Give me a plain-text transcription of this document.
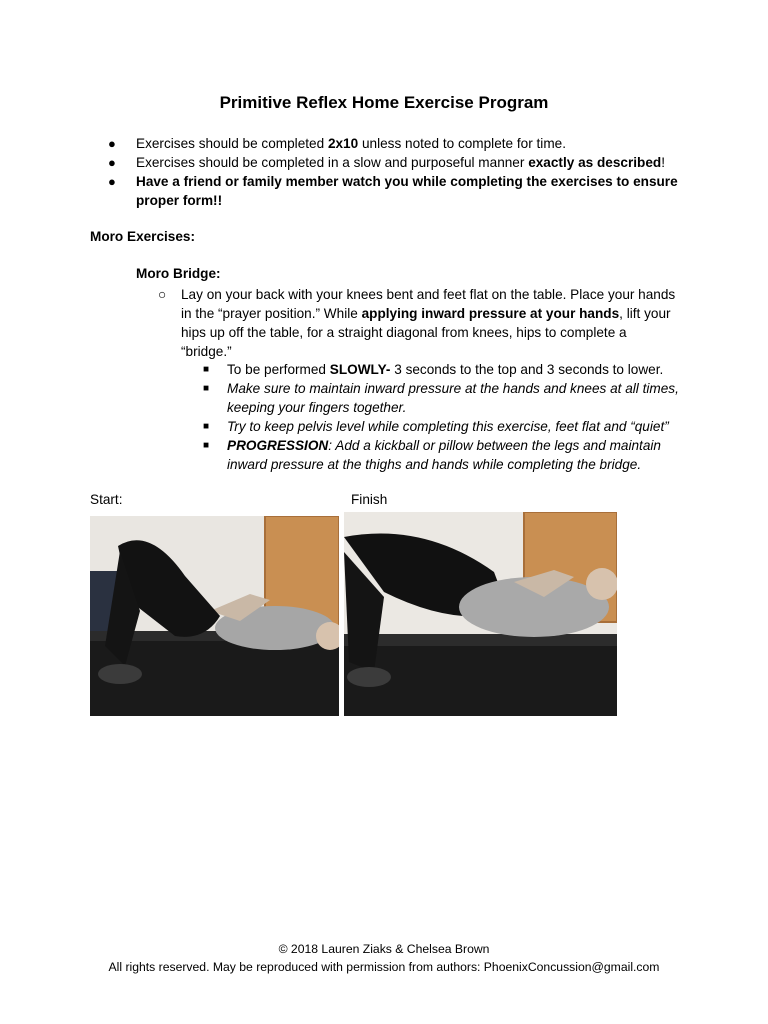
Primitive Reflex Home Exercise Program
● Exercises should be completed 2x10 unless noted to complete for time.
● Exercises should be completed in a slow and purposeful manner exactly as described!
● Have a friend or family member watch you while completing the exercises to ensure proper form!!
Moro Exercises:
Moro Bridge:
○ Lay on your back with your knees bent and feet flat on the table. Place your hands in the “prayer position.” While applying inward pressure at your hands, lift your hips up off the table, for a straight diagonal from knees, hips to complete a “bridge.”
■ To be performed SLOWLY- 3 seconds to the top and 3 seconds to lower.
■ Make sure to maintain inward pressure at the hands and knees at all times, keeping your fingers together.
■ Try to keep pelvis level while completing this exercise, feet flat and “quiet”
■ PROGRESSION: Add a kickball or pillow between the legs and maintain inward pressure at the thighs and hands while completing the bridge.
Start:	Finish
© 2018 Lauren Ziaks & Chelsea Brown
All rights reserved. May be reproduced with permission from authors: PhoenixConcussion@gmail.com
